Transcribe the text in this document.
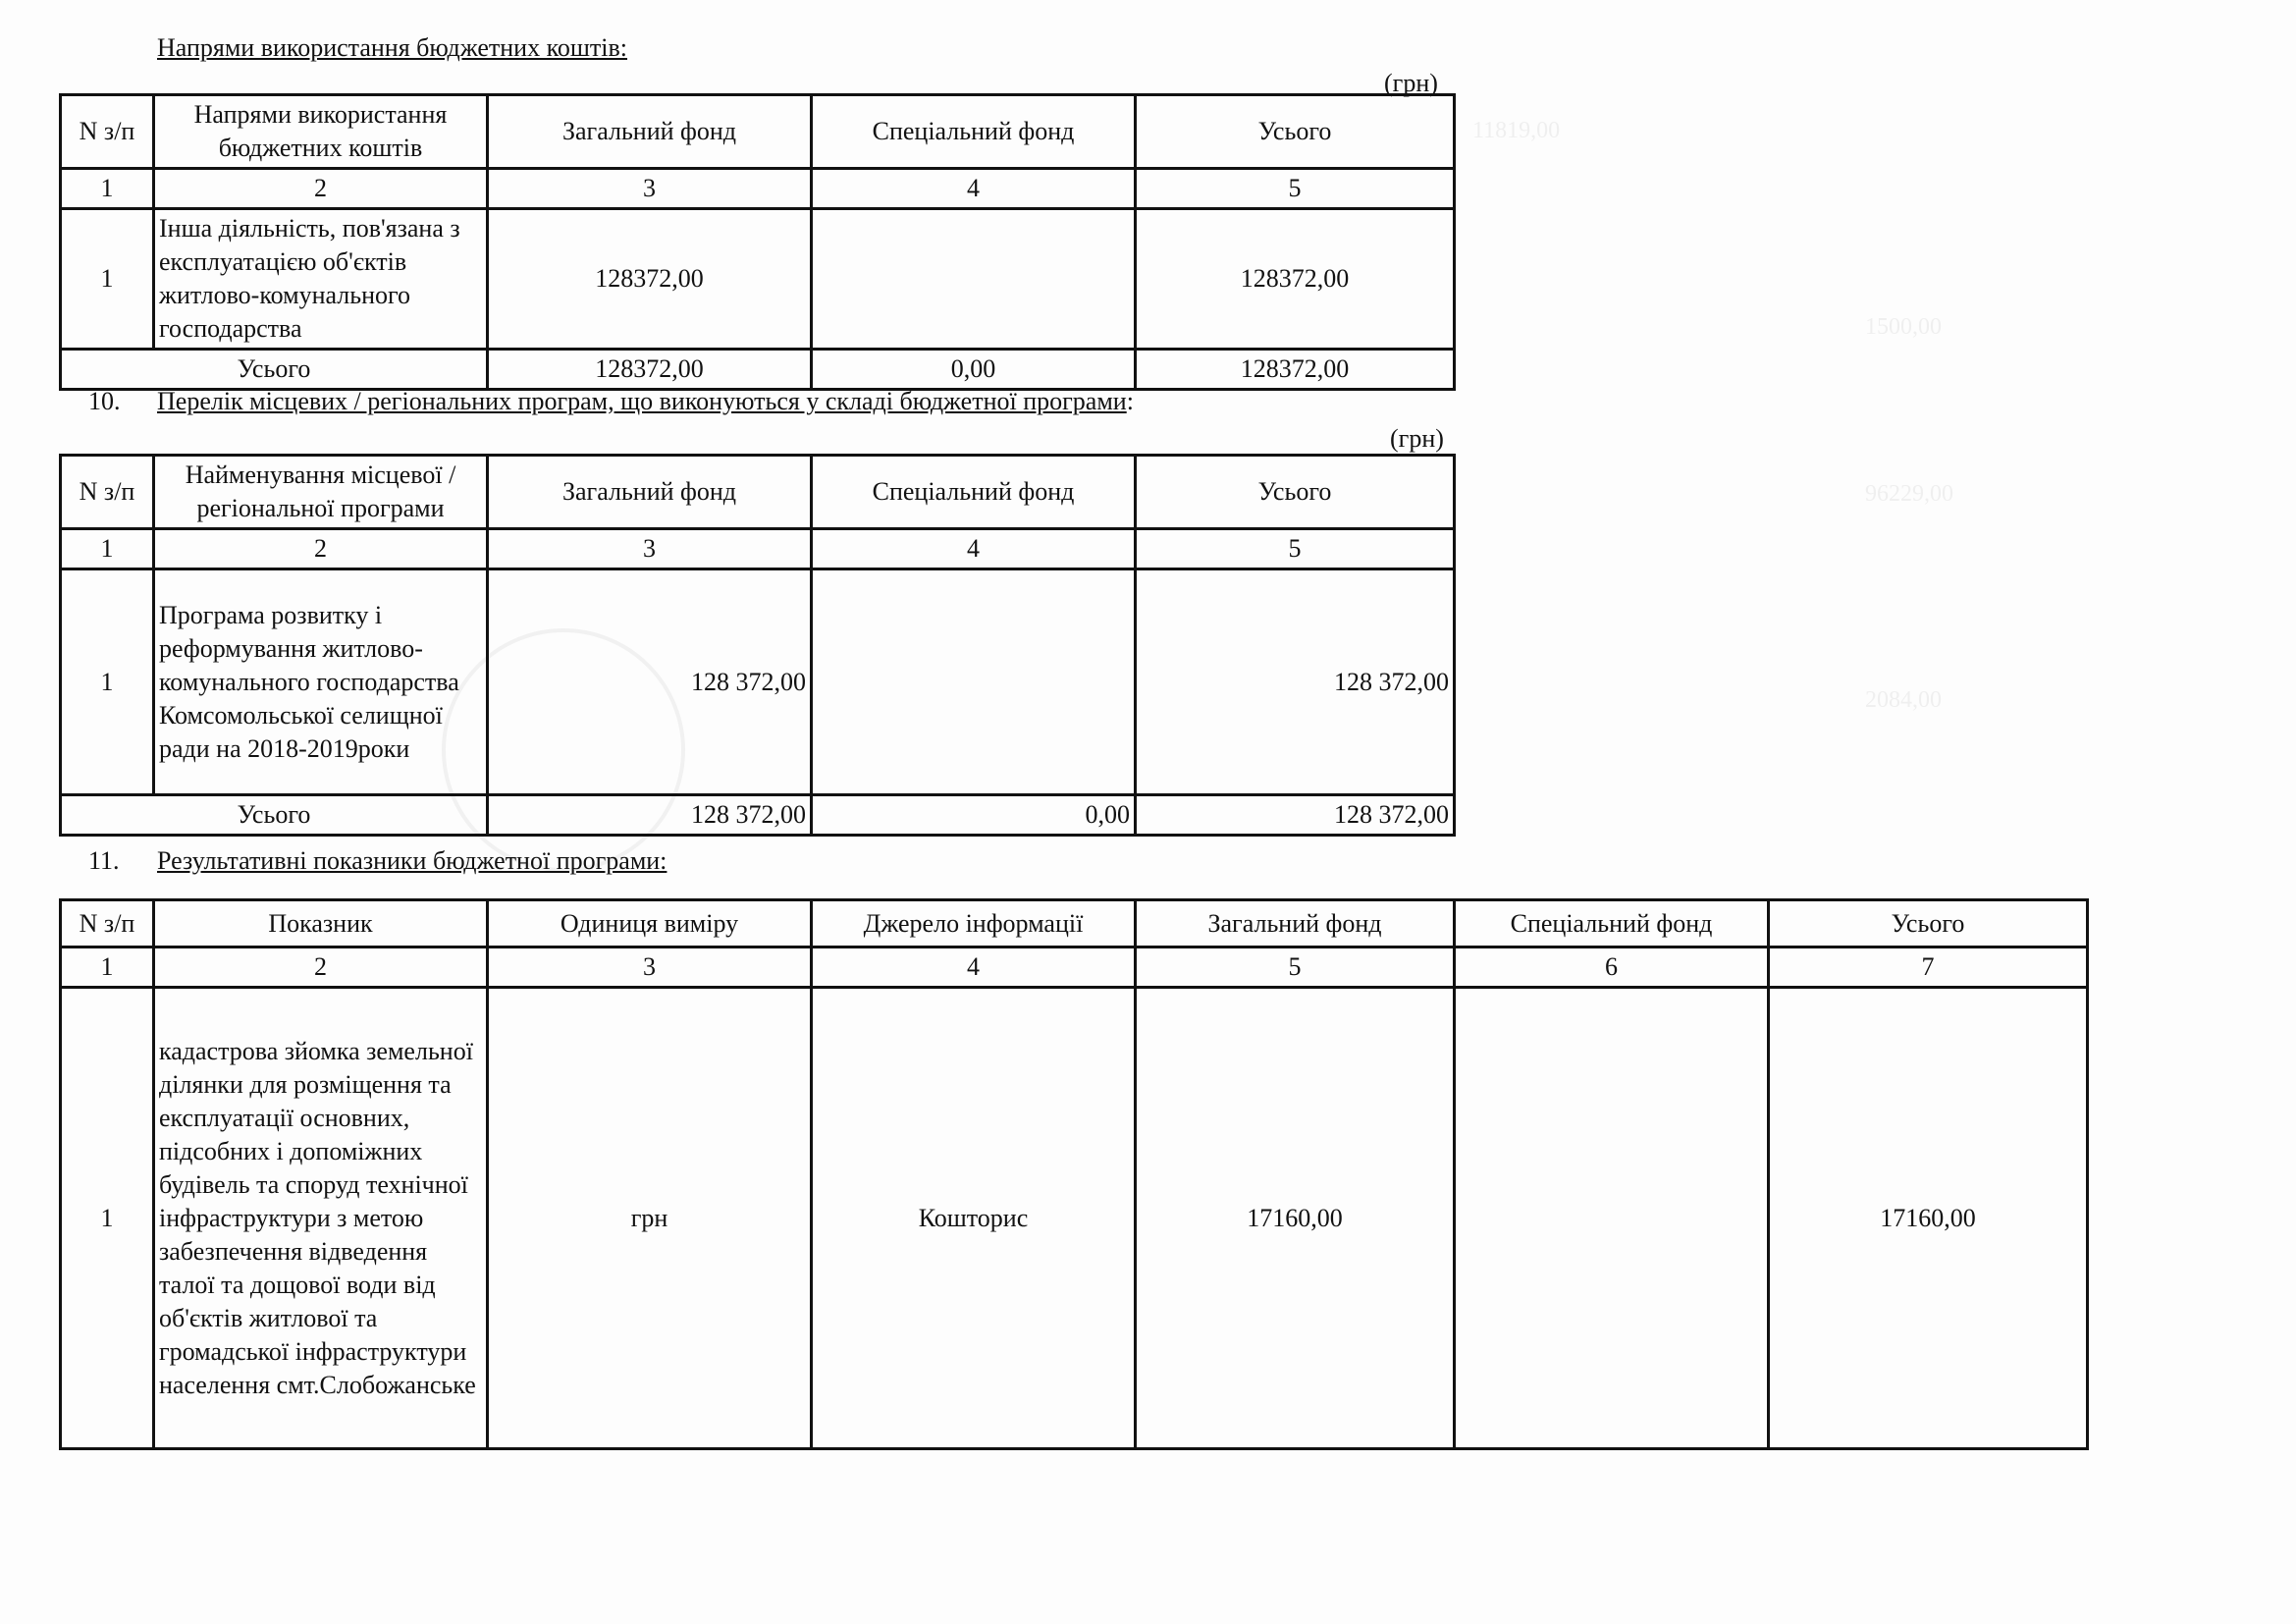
11819,00
1500,00
96229,00
2084,00
Напрями використання бюджетних коштів:
(грн)
N з/п	Напрями використання бюджетних коштів	Загальний фонд	Спеціальний фонд	Усього
1	2	3	4	5
1	Інша діяльність, пов'язана з експлуатацією об'єктів житлово-комунального господарства	128372,00		128372,00
Усього		128372,00	0,00	128372,00
10. Перелік місцевих / регіональних програм, що виконуються у складі бюджетної програми:
(грн)
N з/п	Найменування місцевої / регіональної програми	Загальний фонд	Спеціальний фонд	Усього
1	2	3	4	5
1	Програма розвитку і реформування житлово-комунального господарства Комсомольської селищної ради на 2018-2019роки	128 372,00		128 372,00
Усього		128 372,00	0,00	128 372,00
11. Результативні показники бюджетної програми:
N з/п	Показник	Одиниця виміру	Джерело інформації	Загальний фонд	Спеціальний фонд	Усього
1	2	3	4	5	6	7
1	кадастрова зйомка земельної ділянки для розміщення та експлуатації основних, підсобних і допоміжних будівель та споруд технічної інфраструктури з метою забезпечення відведення талої та дощової води від об'єктів житлової та громадської інфраструктури населення смт.Слобожанське	грн	Кошторис	17160,00		17160,00
